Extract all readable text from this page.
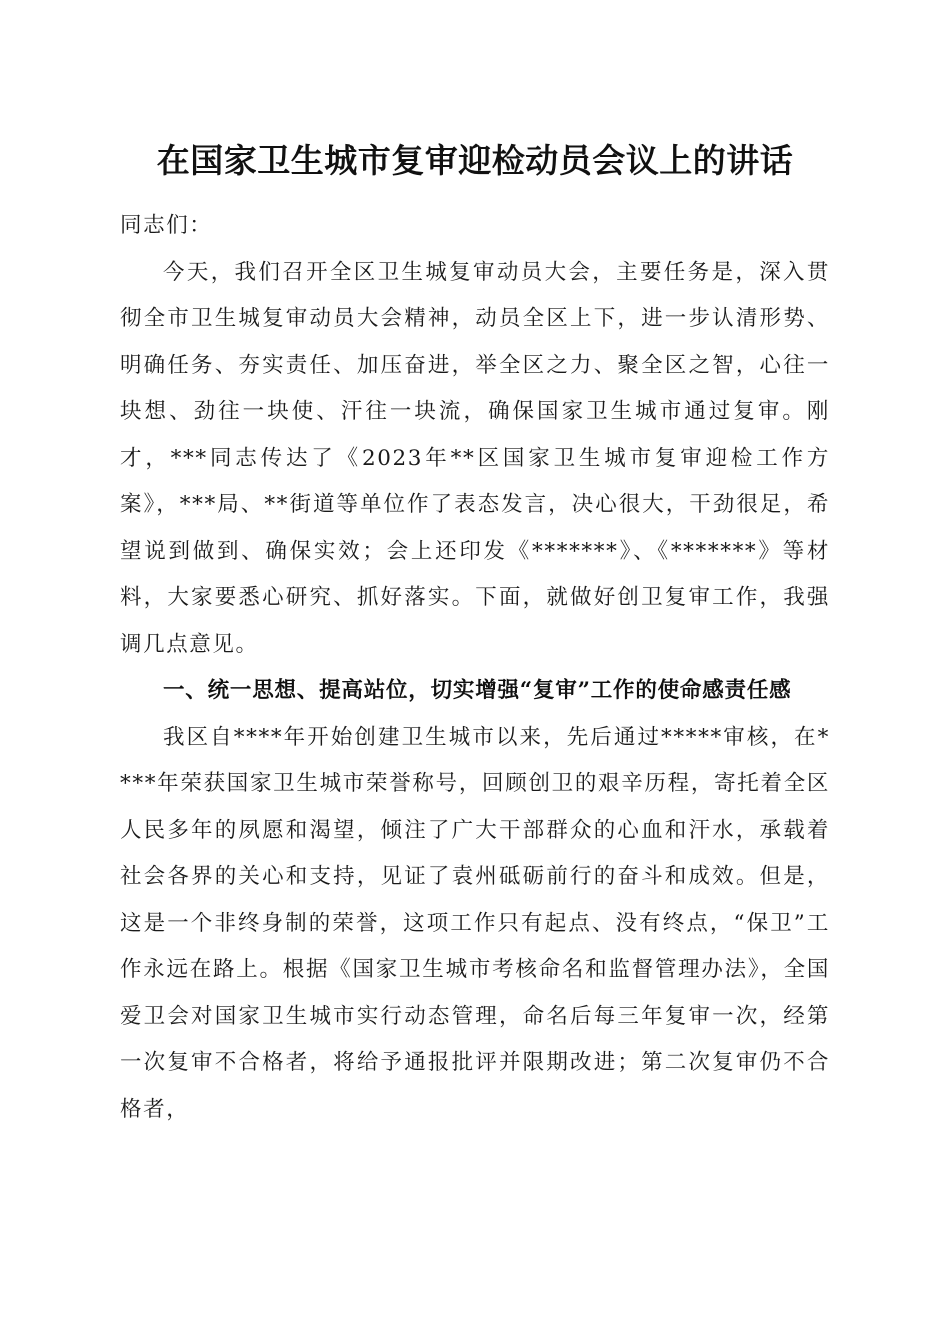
在国家卫生城市复审迎检动员会议上的讲话

同志们：

今天，我们召开全区卫生城复审动员大会，主要任务是，深入贯彻全市卫生城复审动员大会精神，动员全区上下，进一步认清形势、明确任务、夯实责任、加压奋进，举全区之力、聚全区之智，心往一块想、劲往一块使、汗往一块流，确保国家卫生城市通过复审。刚才，***同志传达了《2023年**区国家卫生城市复审迎检工作方案》，***局、**街道等单位作了表态发言，决心很大，干劲很足，希望说到做到、确保实效；会上还印发《*******》、《*******》等材料，大家要悉心研究、抓好落实。下面，就做好创卫复审工作，我强调几点意见。

一、统一思想、提高站位，切实增强“复审”工作的使命感责任感

我区自****年开始创建卫生城市以来，先后通过*****审核，在****年荣获国家卫生城市荣誉称号，回顾创卫的艰辛历程，寄托着全区人民多年的夙愿和渴望，倾注了广大干部群众的心血和汗水，承载着社会各界的关心和支持，见证了袁州砥砺前行的奋斗和成效。但是，这是一个非终身制的荣誉，这项工作只有起点、没有终点，“保卫”工作永远在路上。根据《国家卫生城市考核命名和监督管理办法》，全国爱卫会对国家卫生城市实行动态管理，命名后每三年复审一次，经第一次复审不合格者，将给予通报批评并限期改进；第二次复审仍不合格者，
